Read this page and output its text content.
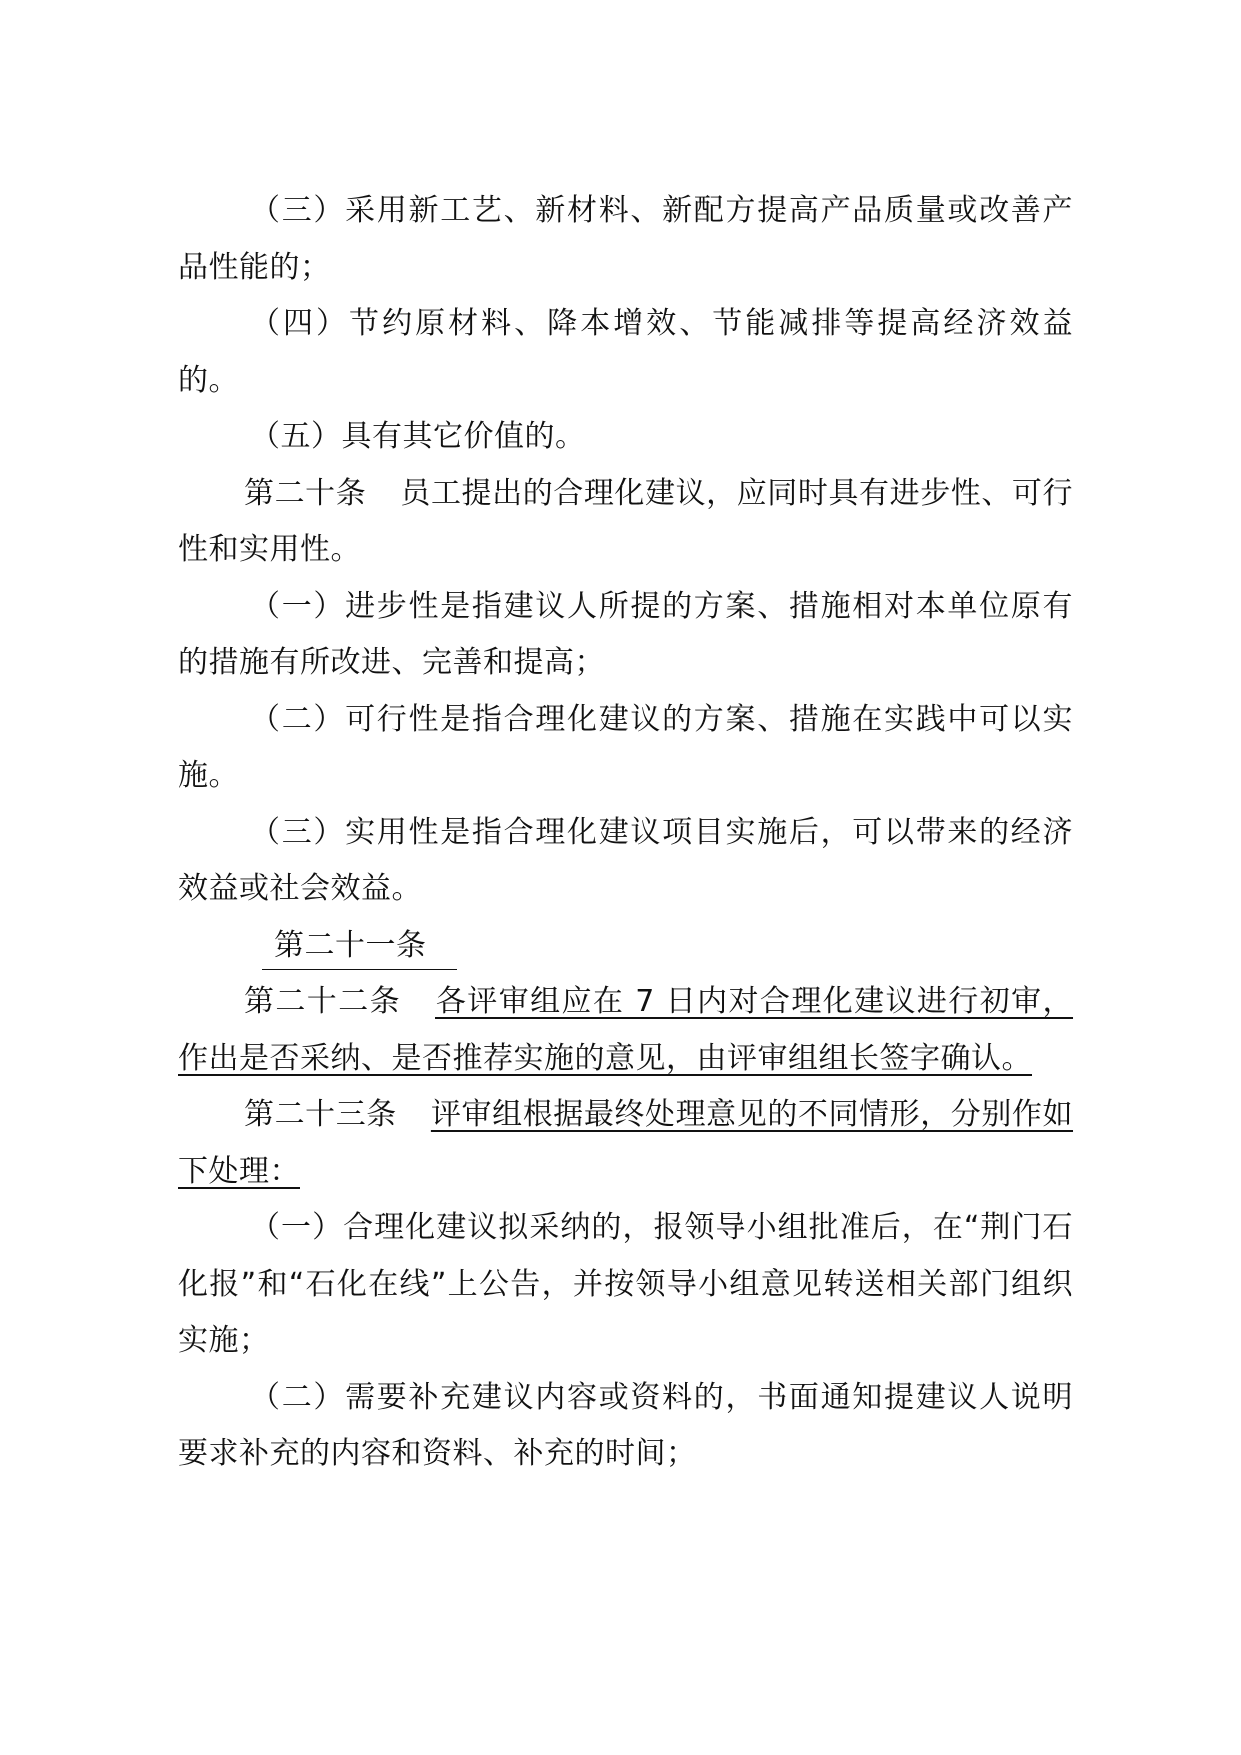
（三）采用新工艺、新材料、新配方提高产品质量或改善产品性能的；

（四）节约原材料、降本增效、节能减排等提高经济效益的。

（五）具有其它价值的。

第二十条 员工提出的合理化建议，应同时具有进步性、可行性和实用性。

（一）进步性是指建议人所提的方案、措施相对本单位原有的措施有所改进、完善和提高；

（二）可行性是指合理化建议的方案、措施在实践中可以实施。

（三）实用性是指合理化建议项目实施后，可以带来的经济效益或社会效益。

第二十一条

第二十二条 各评审组应在 7 日内对合理化建议进行初审，作出是否采纳、是否推荐实施的意见，由评审组组长签字确认。

第二十三条 评审组根据最终处理意见的不同情形，分别作如下处理：

（一）合理化建议拟采纳的，报领导小组批准后，在“荆门石化报”和“石化在线”上公告，并按领导小组意见转送相关部门组织实施；

（二）需要补充建议内容或资料的，书面通知提建议人说明要求补充的内容和资料、补充的时间；
